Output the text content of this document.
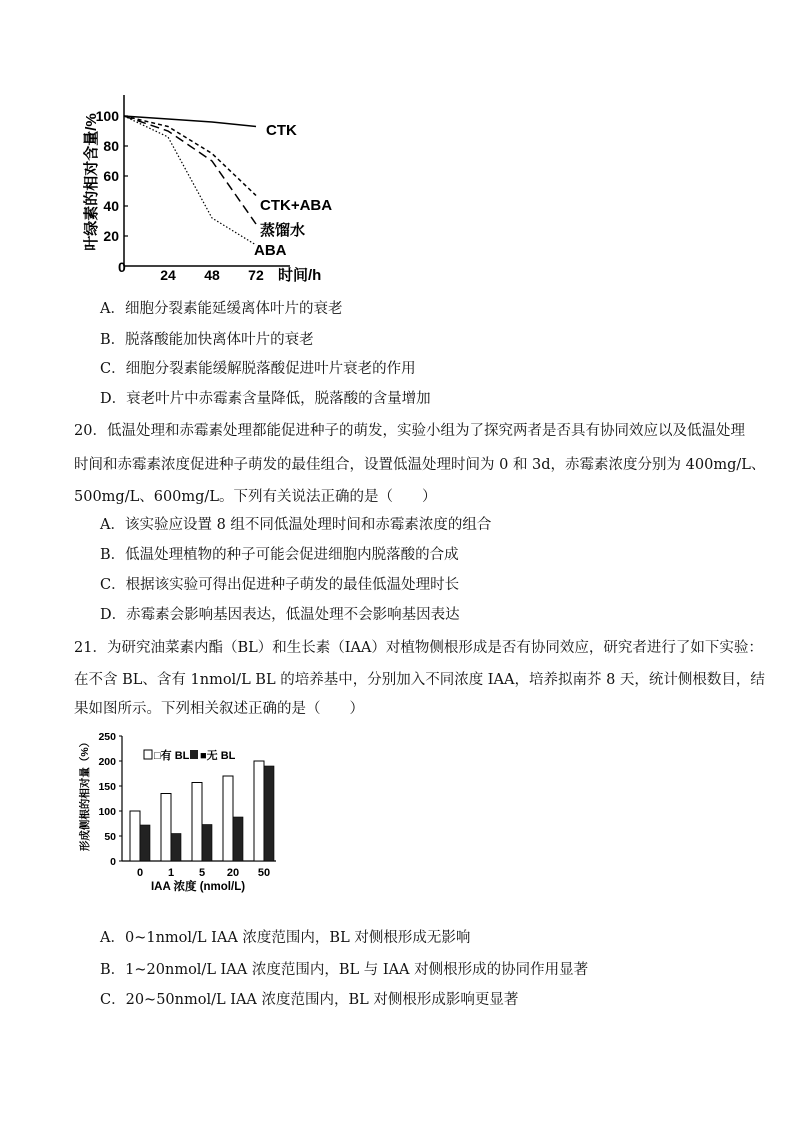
叶绿素的相对含量/% 20
40
60
80
100
24 48 72
0	时间/h
CTK
CTK+ABA
蒸馏水
ABA
A．细胞分裂素能延缓离体叶片的衰老
B．脱落酸能加快离体叶片的衰老
C．细胞分裂素能缓解脱落酸促进叶片衰老的作用
D．衰老叶片中赤霉素含量降低，脱落酸的含量增加
20．低温处理和赤霉素处理都能促进种子的萌发，实验小组为了探究两者是否具有协同效应以及低温处理
时间和赤霉素浓度促进种子萌发的最佳组合，设置低温处理时间为 0 和 3d，赤霉素浓度分别为 400mg/L、
500mg/L、600mg/L。下列有关说法正确的是（　　）
A．该实验应设置 8 组不同低温处理时间和赤霉素浓度的组合
B．低温处理植物的种子可能会促进细胞内脱落酸的合成
C．根据该实验可得出促进种子萌发的最佳低温处理时长
D．赤霉素会影响基因表达，低温处理不会影响基因表达
21．为研究油菜素内酯（BL）和生长素（IAA）对植物侧根形成是否有协同效应，研究者进行了如下实验：
在不含 BL、含有 1nmol/L BL 的培养基中，分别加入不同浓度 IAA，培养拟南芥 8 天，统计侧根数目，结
果如图所示。下列相关叙述正确的是（　　）
形成侧根的相对量（%）
0
50
100
150
200
250
0 1 5 20 50
□有 BL ■无 BL
IAA 浓度 (nmol/L)
A．0~1nmol/L IAA 浓度范围内，BL 对侧根形成无影响
B．1~20nmol/L IAA 浓度范围内，BL 与 IAA 对侧根形成的协同作用显著
C．20~50nmol/L IAA 浓度范围内，BL 对侧根形成影响更显著
